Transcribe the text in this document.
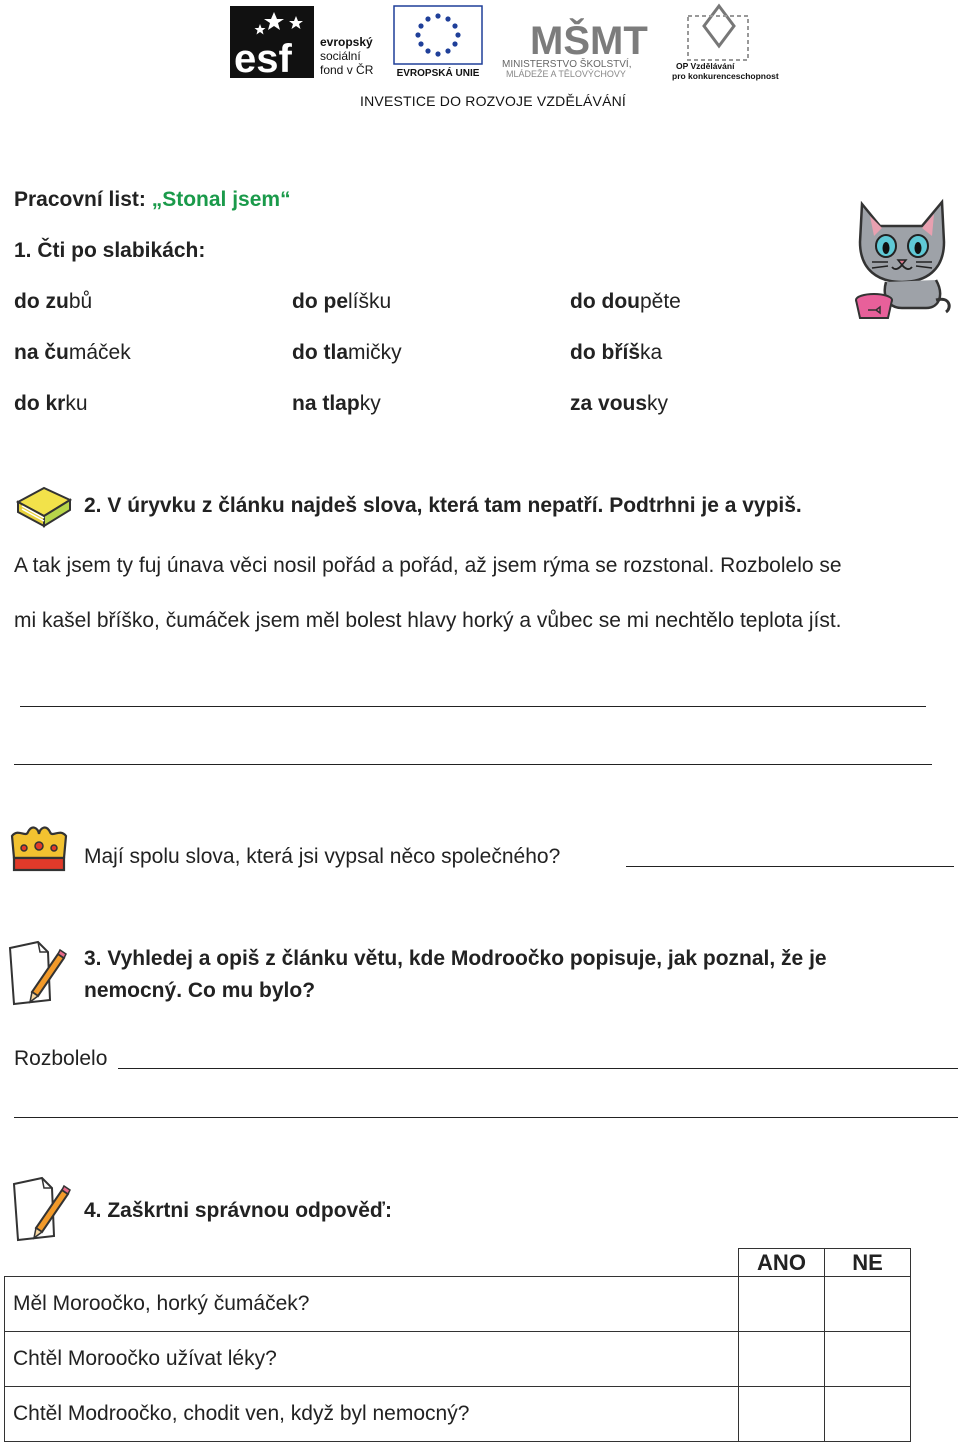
esf evropský
sociální
fond v ČR EVROPSKÁ UNIE
MŠMT
MINISTERSTVO ŠKOLSTVÍ,
MLÁDEŽE A TĚLOVÝCHOVY
OP Vzdělávání
pro konkurenceschopnost
INVESTICE DO ROZVOJE VZDĚLÁVÁNÍ
Pracovní list: „Stonal jsem“
1. Čti po slabikách:
do zubů	do pelíšku	do doupěte
na čumáček	do tlamičky	do bříška
do krku	na tlapky	za vousky
2. V úryvku z článku najdeš slova, která tam nepatří. Podtrhni je a vypiš.
A tak jsem ty fuj únava věci nosil pořád a pořád, až jsem rýma se rozstonal. Rozbolelo se
mi kašel bříško, čumáček jsem měl bolest hlavy horký a vůbec se mi nechtělo teplota jíst.
Mají spolu slova, která jsi vypsal něco společného?
3. Vyhledej a opiš z článku větu, kde Modroočko popisuje, jak poznal, že je
nemocný. Co mu bylo?
Rozbolelo
4. Zaškrtni správnou odpověď:
	ANO	NE
Měl Moroočko, horký čumáček?		
Chtěl Moroočko užívat léky?		
Chtěl Modroočko, chodit ven, když byl nemocný?		
